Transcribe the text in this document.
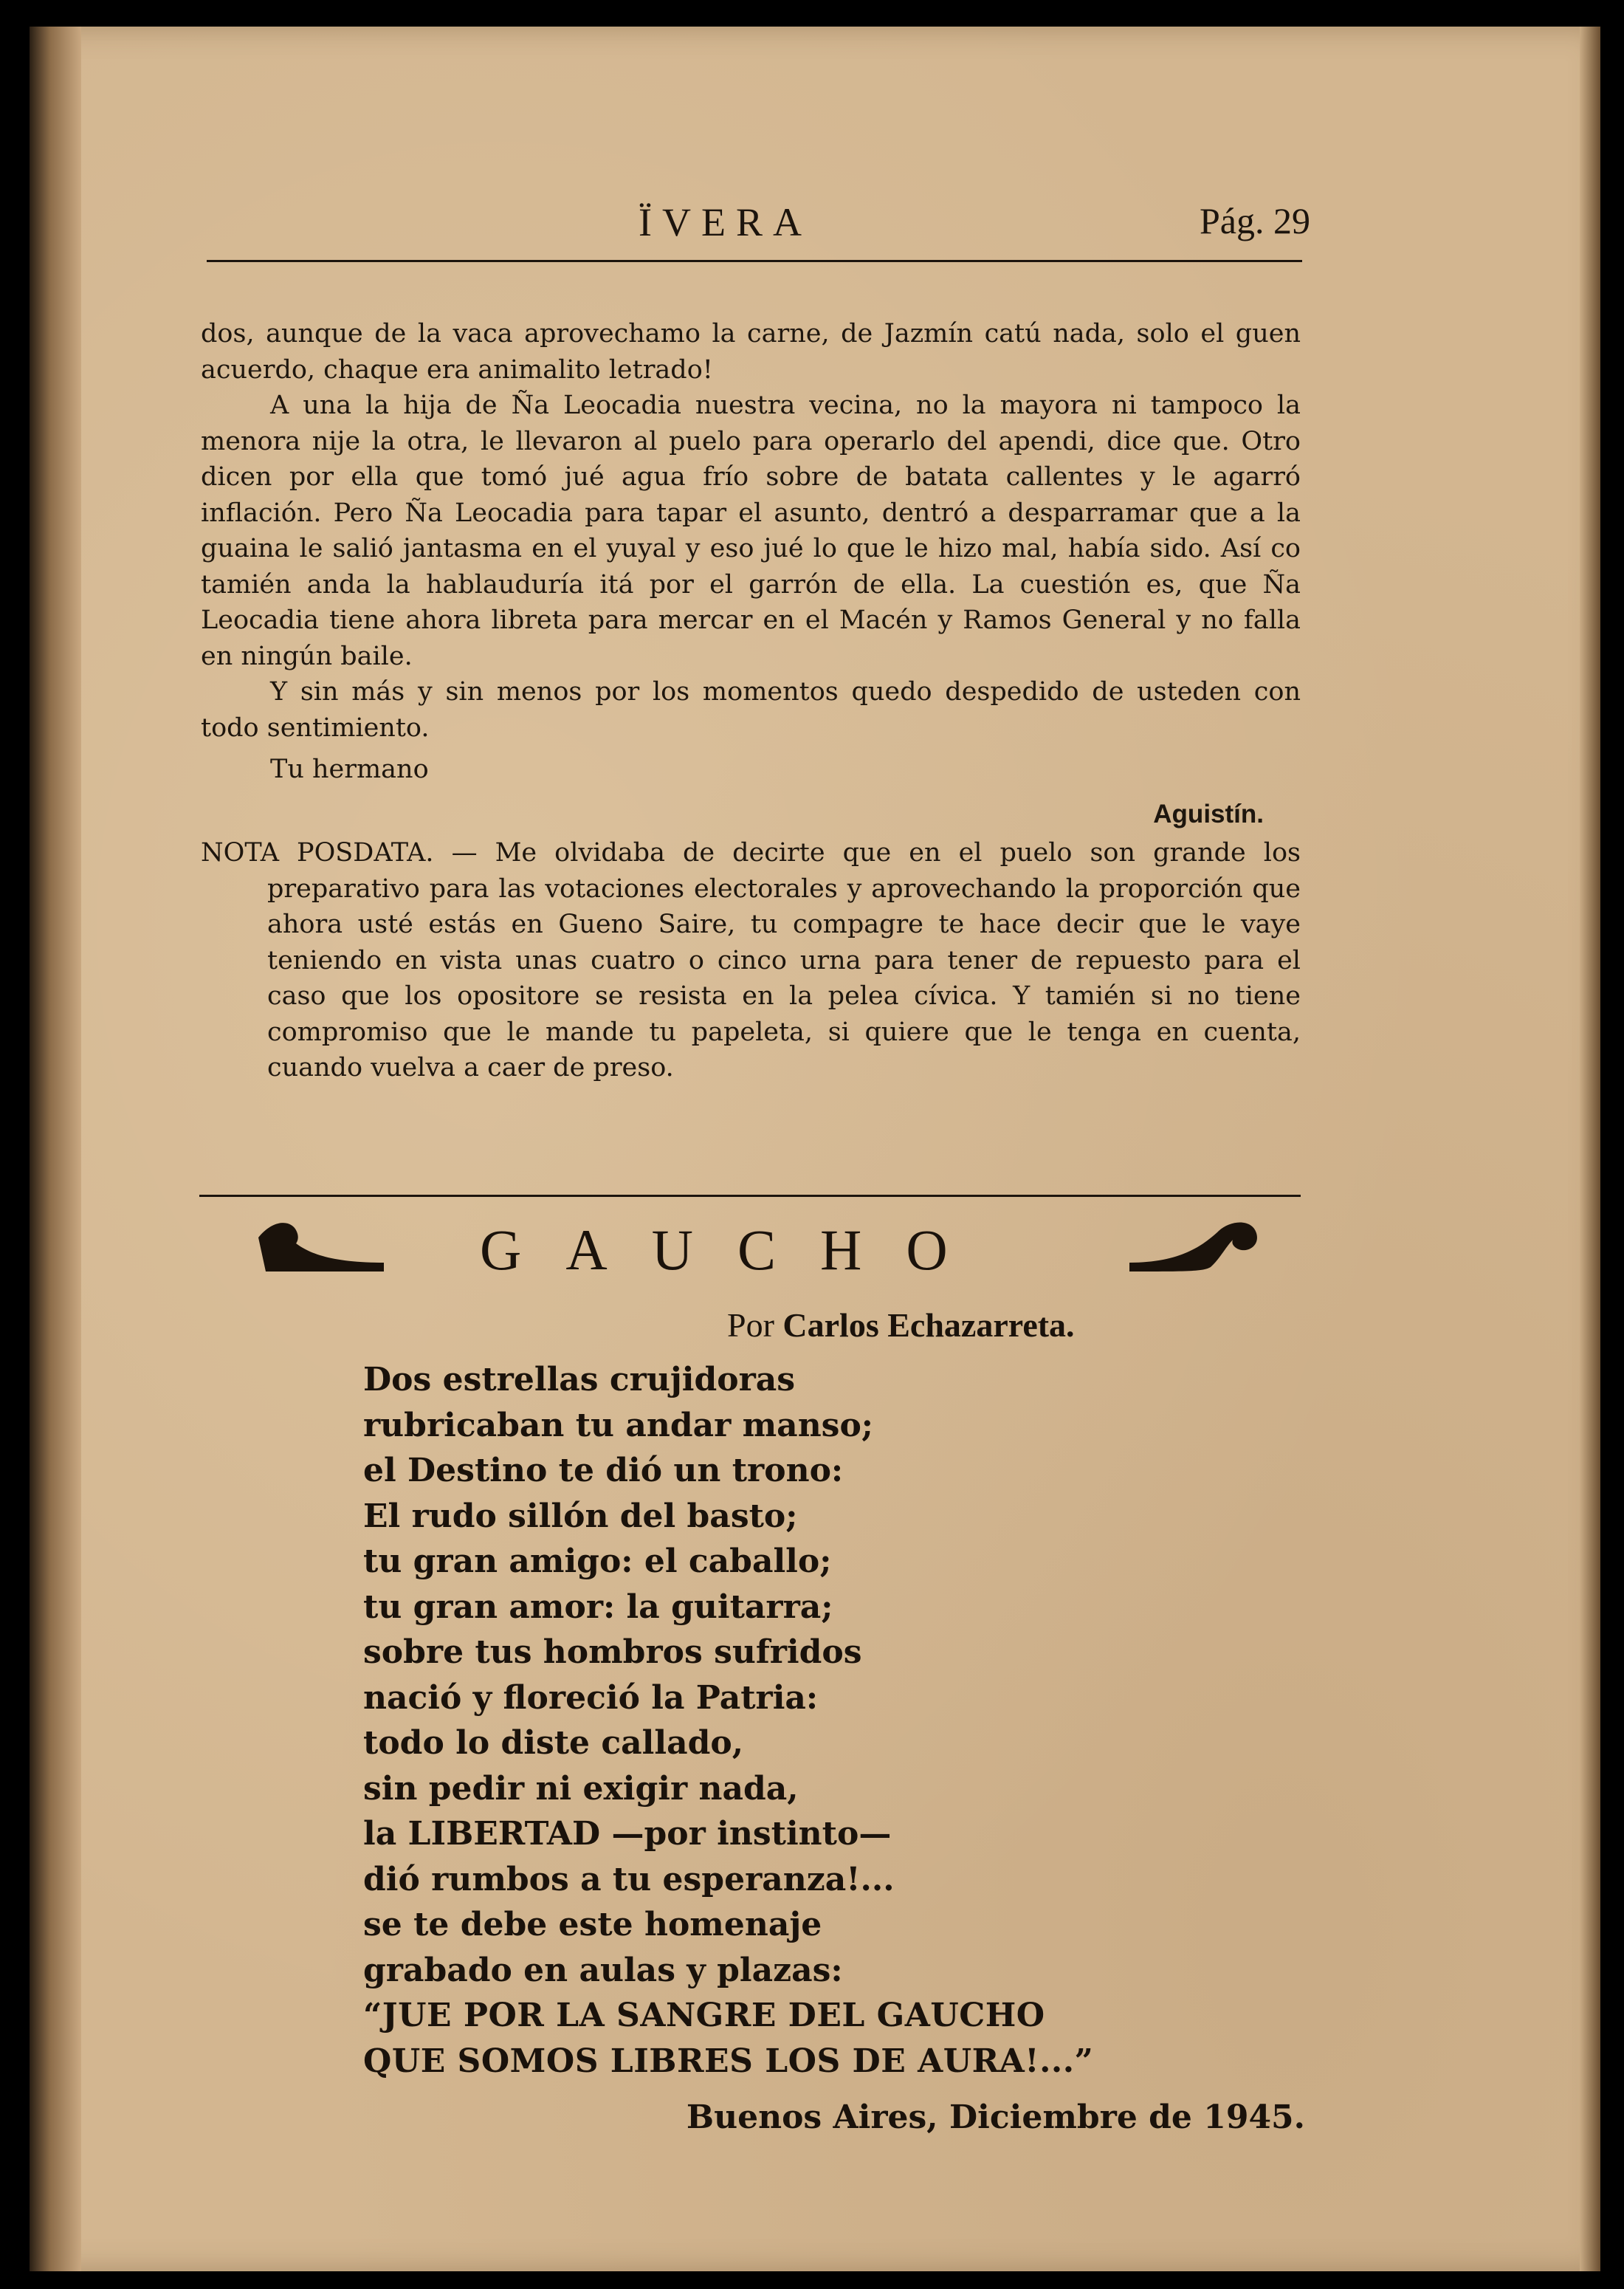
ÏVERA	Pág. 29

dos, aunque de la vaca aprovechamo la carne, de Jazmín catú nada, solo el guen acuerdo, chaque era animalito letrado!

A una la hija de Ña Leocadia nuestra vecina, no la mayora ni tampoco la menora nije la otra, le llevaron al puelo para operarlo del apendi, dice que. Otro dicen por ella que tomó jué agua frío sobre de batata callentes y le agarró inflación. Pero Ña Leocadia para tapar el asunto, dentró a desparramar que a la guaina le salió jantasma en el yuyal y eso jué lo que le hizo mal, había sido. Así co tamién anda la hablauduría itá por el garrón de ella. La cuestión es, que Ña Leocadia tiene ahora libreta para mercar en el Macén y Ramos General y no falla en ningún baile.

Y sin más y sin menos por los momentos quedo despedido de usteden con todo sentimiento.

Tu hermano

Aguistín.

NOTA POSDATA. — Me olvidaba de decirte que en el puelo son grande los preparativo para las votaciones electorales y aprovechando la proporción que ahora usté estás en Gueno Saire, tu compagre te hace decir que le vaye teniendo en vista unas cuatro o cinco urna para tener de repuesto para el caso que los opositore se resista en la pelea cívica. Y tamién si no tiene compromiso que le mande tu papeleta, si quiere que le tenga en cuenta, cuando vuelva a caer de preso.

GAUCHO
Por Carlos Echazarreta.
Dos estrellas crujidoras
rubricaban tu andar manso;
el Destino te dió un trono:
El rudo sillón del basto;
tu gran amigo: el caballo;
tu gran amor: la guitarra;
sobre tus hombros sufridos
nació y floreció la Patria:
todo lo diste callado,
sin pedir ni exigir nada,
la LIBERTAD —por instinto—
dió rumbos a tu esperanza!...
se te debe este homenaje
grabado en aulas y plazas:
“JUE POR LA SANGRE DEL GAUCHO
QUE SOMOS LIBRES LOS DE AURA!...”
Buenos Aires, Diciembre de 1945.
